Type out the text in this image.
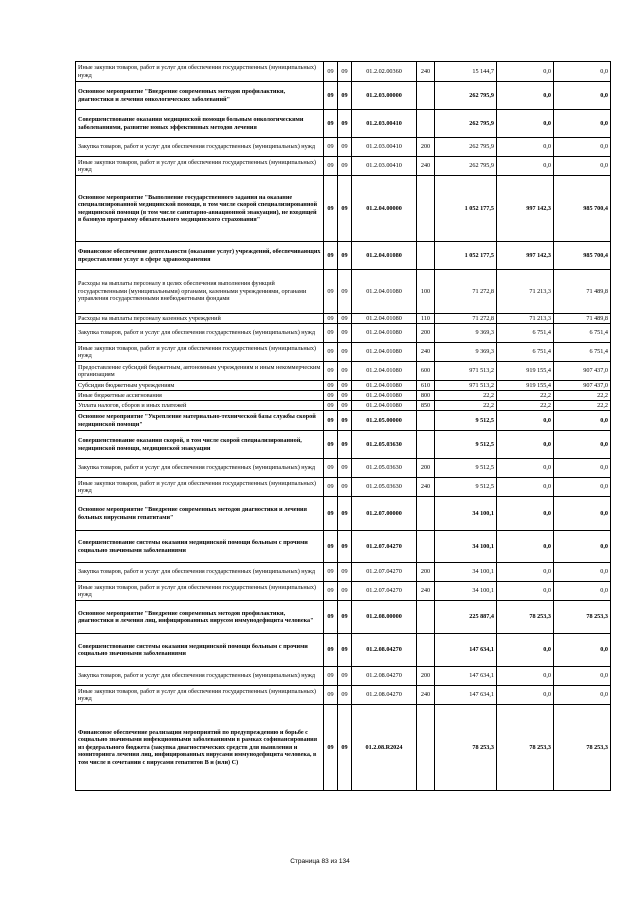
Иные закупки товаров, работ и услуг для обеспечения государственных (муниципальных) нужд	09	09	01.2.02.00360	240	15 144,7	0,0	0,0
Основное мероприятие "Внедрение современных методов профилактики, диагностики и лечения онкологических заболеваний"	09	09	01.2.03.00000		262 795,9	0,0	0,0
Совершенствование оказания медицинской помощи больным онкологическими заболеваниями, развитие новых эффективных методов лечения	09	09	01.2.03.00410		262 795,9	0,0	0,0
Закупка товаров, работ и услуг для обеспечения государственных (муниципальных) нужд	09	09	01.2.03.00410	200	262 795,9	0,0	0,0
Иные закупки товаров, работ и услуг для обеспечения государственных (муниципальных) нужд	09	09	01.2.03.00410	240	262 795,9	0,0	0,0
Основное мероприятие "Выполнение государственного задания на оказание специализированной медицинской помощи, в том числе скорой специализированной медицинской помощи (в том числе санитарно-авиационной эвакуации), не входящей в базовую программу обязательного медицинского страхования"	09	09	01.2.04.00000		1 052 177,5	997 142,3	985 700,4
Финансовое обеспечение деятельности (оказание услуг) учреждений, обеспечивающих предоставление услуг в сфере здравоохранения	09	09	01.2.04.01080		1 052 177,5	997 142,3	985 700,4
Расходы на выплаты персоналу в целях обеспечения выполнения функций государственными (муниципальными) органами, казенными учреждениями, органами управления государственными внебюджетными фондами	09	09	01.2.04.01080	100	71 272,8	71 213,3	71 489,8
Расходы на выплаты персоналу казенных учреждений	09	09	01.2.04.01080	110	71 272,8	71 213,3	71 489,8
Закупка товаров, работ и услуг для обеспечения государственных (муниципальных) нужд	09	09	01.2.04.01080	200	9 369,3	6 751,4	6 751,4
Иные закупки товаров, работ и услуг для обеспечения государственных (муниципальных) нужд	09	09	01.2.04.01080	240	9 369,3	6 751,4	6 751,4
Предоставление субсидий бюджетным, автономным учреждениям и иным некоммерческим организациям	09	09	01.2.04.01080	600	971 513,2	919 155,4	907 437,0
Субсидии бюджетным учреждениям	09	09	01.2.04.01080	610	971 513,2	919 155,4	907 437,0
Иные бюджетные ассигнования	09	09	01.2.04.01080	800	22,2	22,2	22,2
Уплата налогов, сборов и иных платежей	09	09	01.2.04.01080	850	22,2	22,2	22,2
Основное мероприятие "Укрепление материально-технической базы службы скорой медицинской помощи"	09	09	01.2.05.00000		9 512,5	0,0	0,0
Совершенствование оказания скорой, в том числе скорой специализированной, медицинской помощи, медицинской эвакуации	09	09	01.2.05.03630		9 512,5	0,0	0,0
Закупка товаров, работ и услуг для обеспечения государственных (муниципальных) нужд	09	09	01.2.05.03630	200	9 512,5	0,0	0,0
Иные закупки товаров, работ и услуг для обеспечения государственных (муниципальных) нужд	09	09	01.2.05.03630	240	9 512,5	0,0	0,0
Основное мероприятие "Внедрение современных методов диагностики и лечения больных вирусными гепатитами"	09	09	01.2.07.00000		34 100,1	0,0	0,0
Совершенствование системы оказания медицинской помощи больным с прочими социально значимыми заболеваниями	09	09	01.2.07.04270		34 100,1	0,0	0,0
Закупка товаров, работ и услуг для обеспечения государственных (муниципальных) нужд	09	09	01.2.07.04270	200	34 100,1	0,0	0,0
Иные закупки товаров, работ и услуг для обеспечения государственных (муниципальных) нужд	09	09	01.2.07.04270	240	34 100,1	0,0	0,0
Основное мероприятие "Внедрение современных методов профилактики, диагностики и лечения лиц, инфицированных вирусом иммунодефицита человека"	09	09	01.2.08.00000		225 887,4	78 253,3	78 253,3
Совершенствование системы оказания медицинской помощи больным с прочими социально значимыми заболеваниями	09	09	01.2.08.04270		147 634,1	0,0	0,0
Закупка товаров, работ и услуг для обеспечения государственных (муниципальных) нужд	09	09	01.2.08.04270	200	147 634,1	0,0	0,0
Иные закупки товаров, работ и услуг для обеспечения государственных (муниципальных) нужд	09	09	01.2.08.04270	240	147 634,1	0,0	0,0
Финансовое обеспечение реализации мероприятий по предупреждению и борьбе с социально значимыми инфекционными заболеваниями в рамках софинансирования из федерального бюджета (закупка диагностических средств для выявления и мониторинга лечения лиц, инфицированных вирусами иммунодефицита человека, в том числе в сочетании с вирусами гепатитов В и (или) С)	09	09	01.2.08.R2024		78 253,3	78 253,3	78 253,3
Страница 83 из 134
